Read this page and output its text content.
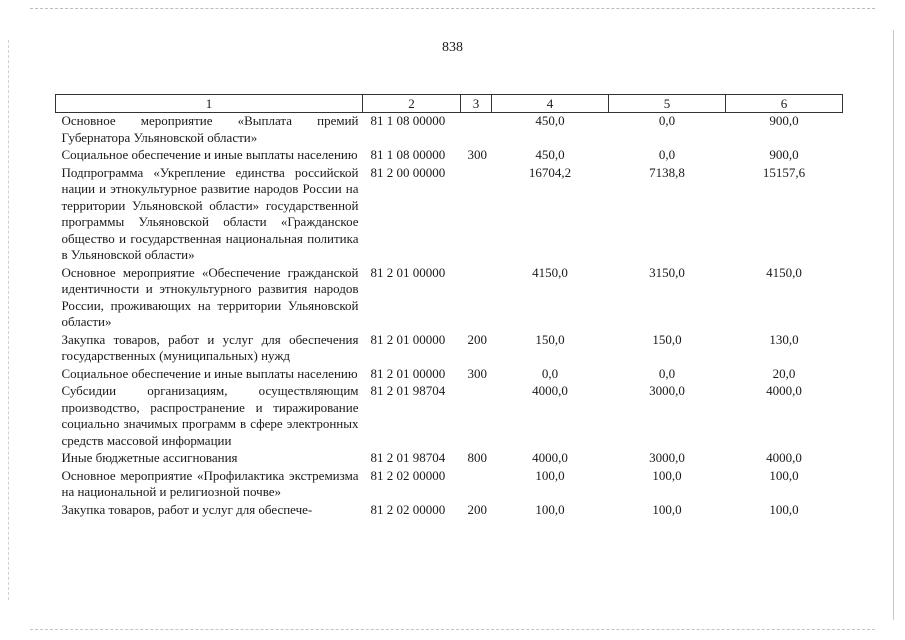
838
1	2	3	4	5	6
Основное мероприятие «Выплата премий Губернатора Ульяновской области»	81 1 08 00000		450,0	0,0	900,0
Социальное обеспечение и иные выплаты населению	81 1 08 00000	300	450,0	0,0	900,0
Подпрограмма «Укрепление единства российской нации и этнокультурное развитие народов России на территории Ульяновской области» государственной программы Ульяновской области «Гражданское общество и государственная национальная политика в Ульяновской области»	81 2 00 00000		16704,2	7138,8	15157,6
Основное мероприятие «Обеспечение гражданской идентичности и этнокультурного развития народов России, проживающих на территории Ульяновской области»	81 2 01 00000		4150,0	3150,0	4150,0
Закупка товаров, работ и услуг для обеспечения государственных (муниципальных) нужд	81 2 01 00000	200	150,0	150,0	130,0
Социальное обеспечение и иные выплаты населению	81 2 01 00000	300	0,0	0,0	20,0
Субсидии организациям, осуществляющим производство, распространение и тиражирование социально значимых программ в сфере электронных средств массовой информации	81 2 01 98704		4000,0	3000,0	4000,0
Иные бюджетные ассигнования	81 2 01 98704	800	4000,0	3000,0	4000,0
Основное мероприятие «Профилактика экстремизма на национальной и религиозной почве»	81 2 02 00000		100,0	100,0	100,0
Закупка товаров, работ и услуг для обеспече-	81 2 02 00000	200	100,0	100,0	100,0
